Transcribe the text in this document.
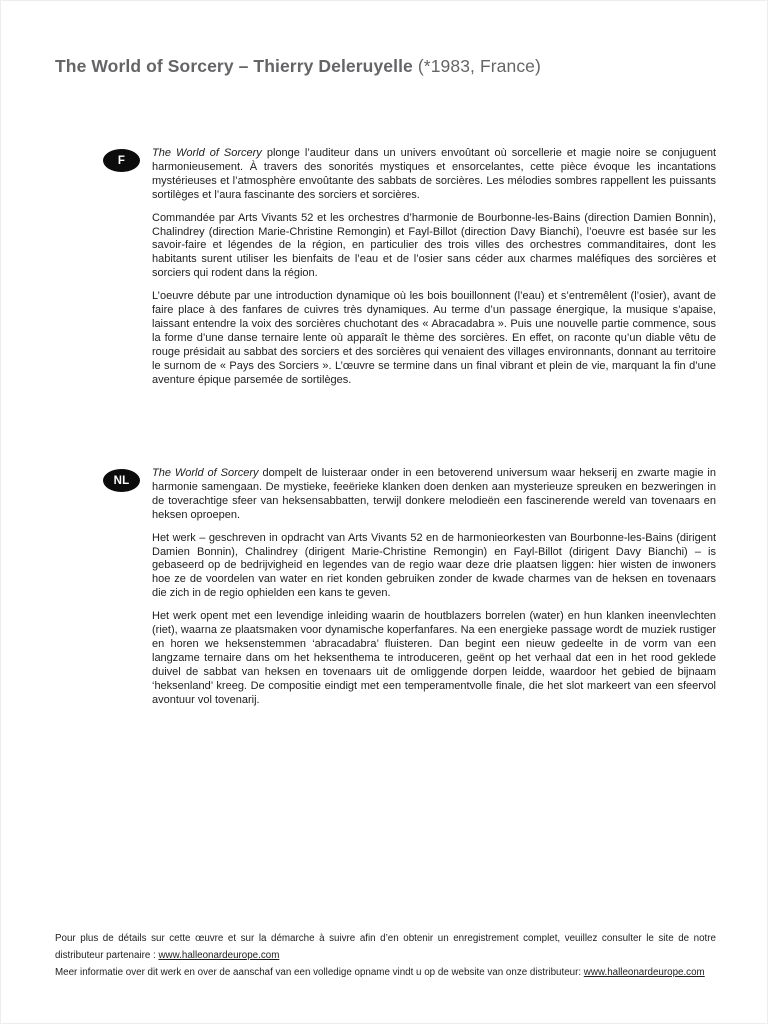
The World of Sorcery – Thierry Deleruyelle (*1983, France)
F

The World of Sorcery plonge l’auditeur dans un univers envoûtant où sorcellerie et magie noire se conjuguent harmonieusement. À travers des sonorités mystiques et ensorcelantes, cette pièce évoque les incantations mystérieuses et l’atmosphère envoûtante des sabbats de sorcières. Les mélodies sombres rappellent les puissants sortilèges et l’aura fascinante des sorciers et sorcières.

Commandée par Arts Vivants 52 et les orchestres d’harmonie de Bourbonne-les-Bains (direction Damien Bonnin), Chalindrey (direction Marie-Christine Remongin) et Fayl-Billot (direction Davy Bianchi), l’oeuvre est basée sur les savoir-faire et légendes de la région, en particulier des trois villes des orchestres commanditaires, dont les habitants surent utiliser les bienfaits de l’eau et de l’osier sans céder aux charmes maléfiques des sorcières et sorciers qui rodent dans la région.

L’oeuvre débute par une introduction dynamique où les bois bouillonnent (l’eau) et s’entremêlent (l’osier), avant de faire place à des fanfares de cuivres très dynamiques. Au terme d’un passage énergique, la musique s’apaise, laissant entendre la voix des sorcières chuchotant des « Abracadabra ». Puis une nouvelle partie commence, sous la forme d’une danse ternaire lente où apparaît le thème des sorcières. En effet, on raconte qu’un diable vêtu de rouge présidait au sabbat des sorciers et des sorcières qui venaient des villages environnants, donnant au territoire le surnom de « Pays des Sorciers ». L’œuvre se termine dans un final vibrant et plein de vie, marquant la fin d’une aventure épique parsemée de sortilèges.

NL

The World of Sorcery dompelt de luisteraar onder in een betoverend universum waar hekserij en zwarte magie in harmonie samengaan. De mystieke, feeërieke klanken doen denken aan mysterieuze spreuken en bezweringen in de toverachtige sfeer van heksensabbatten, terwijl donkere melodieën een fascinerende wereld van tovenaars en heksen oproepen.

Het werk – geschreven in opdracht van Arts Vivants 52 en de harmonieorkesten van Bourbonne-les-Bains (dirigent Damien Bonnin), Chalindrey (dirigent Marie-Christine Remongin) en Fayl-Billot (dirigent Davy Bianchi) – is gebaseerd op de bedrijvigheid en legendes van de regio waar deze drie plaatsen liggen: hier wisten de inwoners hoe ze de voordelen van water en riet konden gebruiken zonder de kwade charmes van de heksen en tovenaars die zich in de regio ophielden een kans te geven.

Het werk opent met een levendige inleiding waarin de houtblazers borrelen (water) en hun klanken ineenvlechten (riet), waarna ze plaatsmaken voor dynamische koperfanfares. Na een energieke passage wordt de muziek rustiger en horen we heksenstemmen ‘abracadabra’ fluisteren. Dan begint een nieuw gedeelte in de vorm van een langzame ternaire dans om het heksenthema te introduceren, geënt op het verhaal dat een in het rood geklede duivel de sabbat van heksen en tovenaars uit de omliggende dorpen leidde, waardoor het gebied de bijnaam ‘heksenland’ kreeg. De compositie eindigt met een temperamentvolle finale, die het slot markeert van een sfeervol avontuur vol tovenarij.

Pour plus de détails sur cette œuvre et sur la démarche à suivre afin d’en obtenir un enregistrement complet, veuillez consulter le site de notre distributeur partenaire : www.halleonardeurope.com

Meer informatie over dit werk en over de aanschaf van een volledige opname vindt u op de website van onze distributeur: www.halleonardeurope.com
